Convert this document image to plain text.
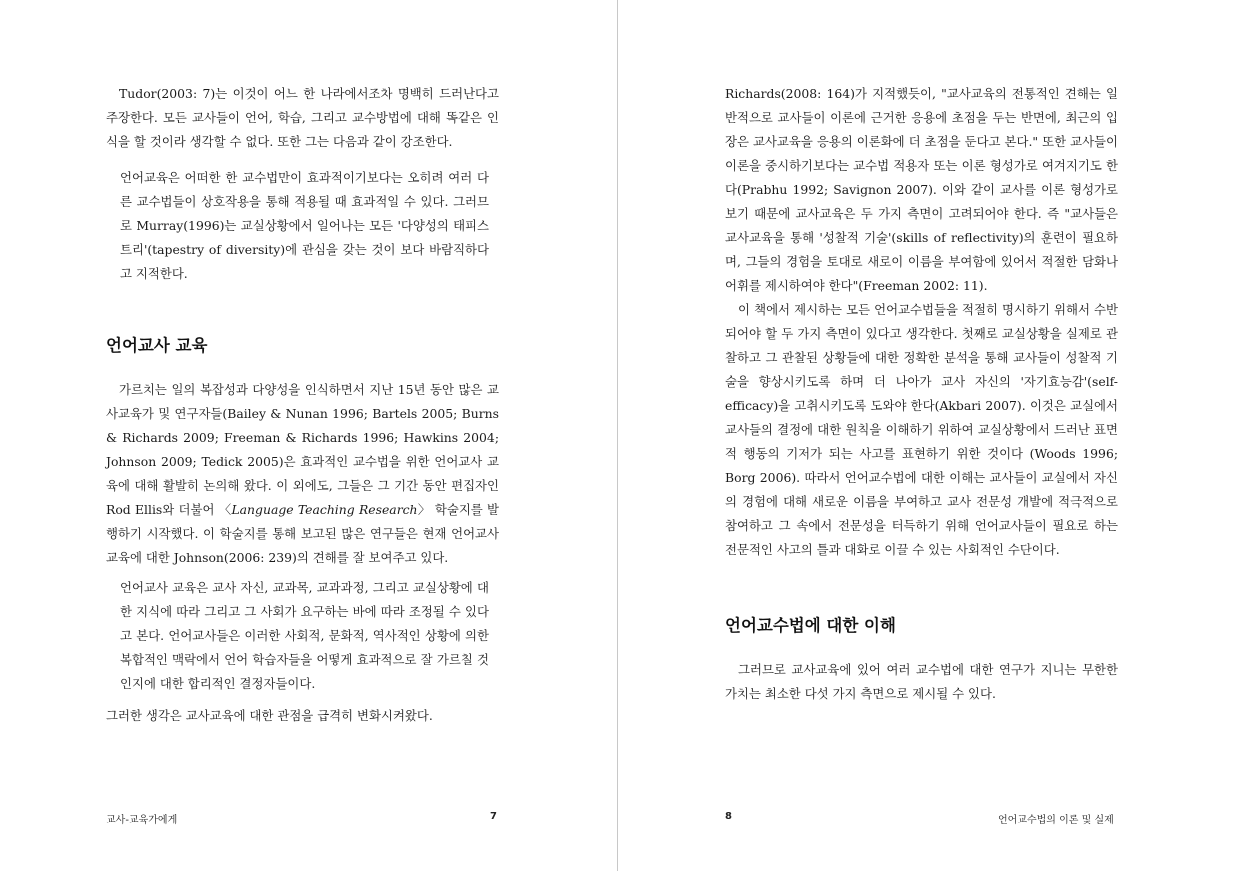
Tudor(2003: 7)는 이것이 어느 한 나라에서조차 명백히 드러난다고 주장한다. 모든 교사들이 언어, 학습, 그리고 교수방법에 대해 똑같은 인식을 할 것이라 생각할 수 없다. 또한 그는 다음과 같이 강조한다.

언어교육은 어떠한 한 교수법만이 효과적이기보다는 오히려 여러 다른 교수법들이 상호작용을 통해 적용될 때 효과적일 수 있다. 그러므로 Murray(1996)는 교실상황에서 일어나는 모든 '다양성의 태피스트리'(tapestry of diversity)에 관심을 갖는 것이 보다 바람직하다고 지적한다.

언어교사 교육

가르치는 일의 복잡성과 다양성을 인식하면서 지난 15년 동안 많은 교사교육가 및 연구자들(Bailey & Nunan 1996; Bartels 2005; Burns & Richards 2009; Freeman & Richards 1996; Hawkins 2004; Johnson 2009; Tedick 2005)은 효과적인 교수법을 위한 언어교사 교육에 대해 활발히 논의해 왔다. 이 외에도, 그들은 그 기간 동안 편집자인 Rod Ellis와 더불어 〈Language Teaching Research〉 학술지를 발행하기 시작했다. 이 학술지를 통해 보고된 많은 연구들은 현재 언어교사 교육에 대한 Johnson(2006: 239)의 견해를 잘 보여주고 있다.

언어교사 교육은 교사 자신, 교과목, 교과과정, 그리고 교실상황에 대한 지식에 따라 그리고 그 사회가 요구하는 바에 따라 조정될 수 있다고 본다. 언어교사들은 이러한 사회적, 문화적, 역사적인 상황에 의한 복합적인 맥락에서 언어 학습자들을 어떻게 효과적으로 잘 가르칠 것인지에 대한 합리적인 결정자들이다.

그러한 생각은 교사교육에 대한 관점을 급격히 변화시켜왔다.

Richards(2008: 164)가 지적했듯이, "교사교육의 전통적인 견해는 일반적으로 교사들이 이론에 근거한 응용에 초점을 두는 반면에, 최근의 입장은 교사교육을 응용의 이론화에 더 초점을 둔다고 본다." 또한 교사들이 이론을 중시하기보다는 교수법 적용자 또는 이론 형성가로 여겨지기도 한다(Prabhu 1992; Savignon 2007). 이와 같이 교사를 이론 형성가로 보기 때문에 교사교육은 두 가지 측면이 고려되어야 한다. 즉 "교사들은 교사교육을 통해 '성찰적 기술'(skills of reflectivity)의 훈련이 필요하며, 그들의 경험을 토대로 새로이 이름을 부여함에 있어서 적절한 담화나 어휘를 제시하여야 한다"(Freeman 2002: 11).

이 책에서 제시하는 모든 언어교수법들을 적절히 명시하기 위해서 수반되어야 할 두 가지 측면이 있다고 생각한다. 첫째로 교실상황을 실제로 관찰하고 그 관찰된 상황들에 대한 정확한 분석을 통해 교사들이 성찰적 기술을 향상시키도록 하며 더 나아가 교사 자신의 '자기효능감'(self-efficacy)을 고취시키도록 도와야 한다(Akbari 2007). 이것은 교실에서 교사들의 결정에 대한 원칙을 이해하기 위하여 교실상황에서 드러난 표면적 행동의 기저가 되는 사고를 표현하기 위한 것이다 (Woods 1996; Borg 2006). 따라서 언어교수법에 대한 이해는 교사들이 교실에서 자신의 경험에 대해 새로운 이름을 부여하고 교사 전문성 개발에 적극적으로 참여하고 그 속에서 전문성을 터득하기 위해 언어교사들이 필요로 하는 전문적인 사고의 틀과 대화로 이끌 수 있는 사회적인 수단이다.

언어교수법에 대한 이해

그러므로 교사교육에 있어 여러 교수법에 대한 연구가 지니는 무한한 가치는 최소한 다섯 가지 측면으로 제시될 수 있다.

교사-교육가에게	7	8	언어교수법의 이론 및 실제
